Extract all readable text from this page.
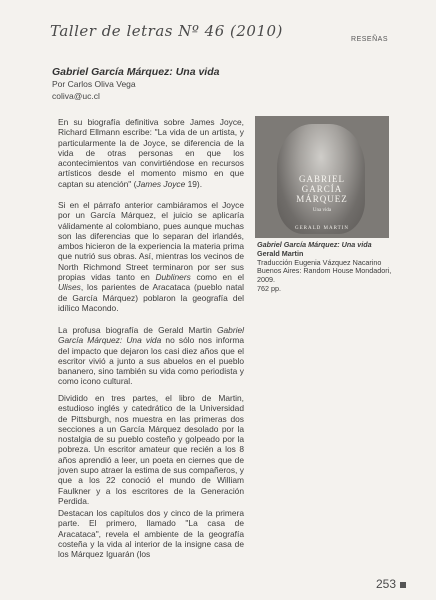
Taller de letras Nº 46 (2010)	RESEÑAS
Gabriel García Márquez: Una vida
Por Carlos Oliva Vega
coliva@uc.cl

En su biografía definitiva sobre James Joyce, Richard Ellmann escribe: "La vida de un artista, y particularmente la de Joyce, se diferencia de la vida de otras personas en que los acontecimientos van convirtiéndose en recursos artísticos desde el momento mismo en que captan su atención" (James Joyce 19).

Si en el párrafo anterior cambiáramos el Joyce por un García Márquez, el juicio se aplicaría válidamente al colombiano, pues aunque muchas son las diferencias que lo separan del irlandés, ambos hicieron de la experiencia la materia prima que nutrió sus obras. Así, mientras los vecinos de North Richmond Street terminaron por ser sus propias vidas tanto en Dubliners como en el Ulises, los parientes de Aracataca (pueblo natal de García Márquez) poblaron la geografía del idílico Macondo.

La profusa biografía de Gerald Martin Gabriel García Márquez: Una vida no sólo nos informa del impacto que dejaron los casi diez años que el escritor vivió a junto a sus abuelos en el pueblo bananero, sino también su vida como periodista y como icono cultural.

Dividido en tres partes, el libro de Martin, estudioso inglés y catedrático de la Universidad de Pittsburgh, nos muestra en las primeras dos secciones a un García Márquez desolado por la nostalgia de su pueblo costeño y golpeado por la pobreza. Un escritor amateur que recién a los 8 años aprendió a leer, un poeta en ciernes que de joven supo atraer la estima de sus compañeros, y que a los 22 conoció el mundo de William Faulkner y a los escritores de la Generación Perdida.

Destacan los capítulos dos y cinco de la primera parte. El primero, llamado "La casa de Aracataca", revela el ambiente de la geografía costeña y la vida al interior de la insigne casa de los Márquez Iguarán (los

GABRIEL
GARCÍA
MÁRQUEZ
Una vida
GERALD MARTIN
Gabriel García Márquez: Una vida
Gerald Martin
Traducción Eugenia Vázquez Nacarino
Buenos Aires: Random House Mondadori, 2009.
762 pp.
253
